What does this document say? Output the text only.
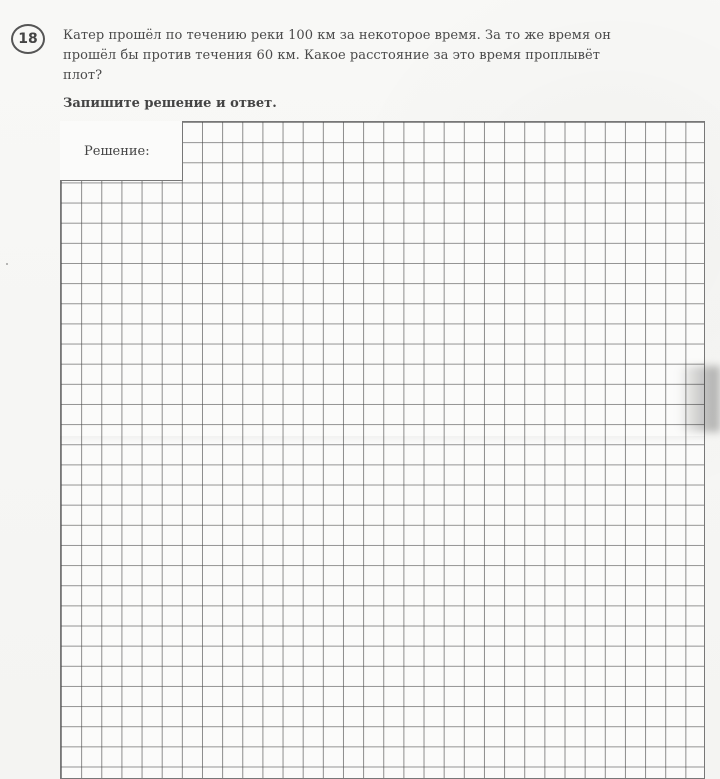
18 Катер прошёл по течению реки 100 км за некоторое время. За то же время он
прошёл бы против течения 60 км. Какое расстояние за это время проплывёт
плот?
Запишите решение и ответ.
Решение:
